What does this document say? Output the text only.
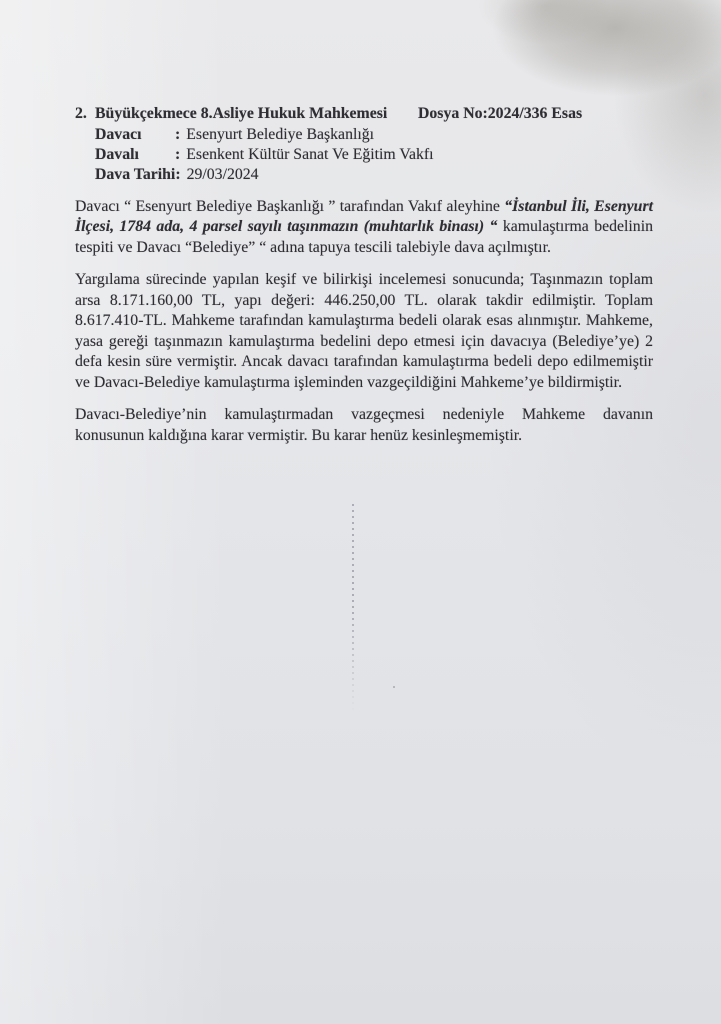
2. Büyükçekmece 8.Asliye Hukuk Mahkemesi Dosya No:2024/336 Esas
Davacı	: Esenyurt Belediye Başkanlığı
Davalı	: Esenkent Kültür Sanat Ve Eğitim Vakfı
Dava Tarihi : 29/03/2024

Davacı “ Esenyurt Belediye Başkanlığı ” tarafından Vakıf aleyhine “İstanbul İli, Esenyurt İlçesi, 1784 ada, 4 parsel sayılı taşınmazın (muhtarlık binası) “ kamulaştırma bedelinin tespiti ve Davacı “Belediye” “ adına tapuya tescili talebiyle dava açılmıştır.

Yargılama sürecinde yapılan keşif ve bilirkişi incelemesi sonucunda; Taşınmazın toplam arsa 8.171.160,00 TL, yapı değeri: 446.250,00 TL. olarak takdir edilmiştir. Toplam 8.617.410-TL. Mahkeme tarafından kamulaştırma bedeli olarak esas alınmıştır. Mahkeme, yasa gereği taşınmazın kamulaştırma bedelini depo etmesi için davacıya (Belediye’ye) 2 defa kesin süre vermiştir. Ancak davacı tarafından kamulaştırma bedeli depo edilmemiştir ve Davacı-Belediye kamulaştırma işleminden vazgeçildiğini Mahkeme’ye bildirmiştir.

Davacı-Belediye’nin kamulaştırmadan vazgeçmesi nedeniyle Mahkeme davanın konusunun kaldığına karar vermiştir. Bu karar henüz kesinleşmemiştir.
